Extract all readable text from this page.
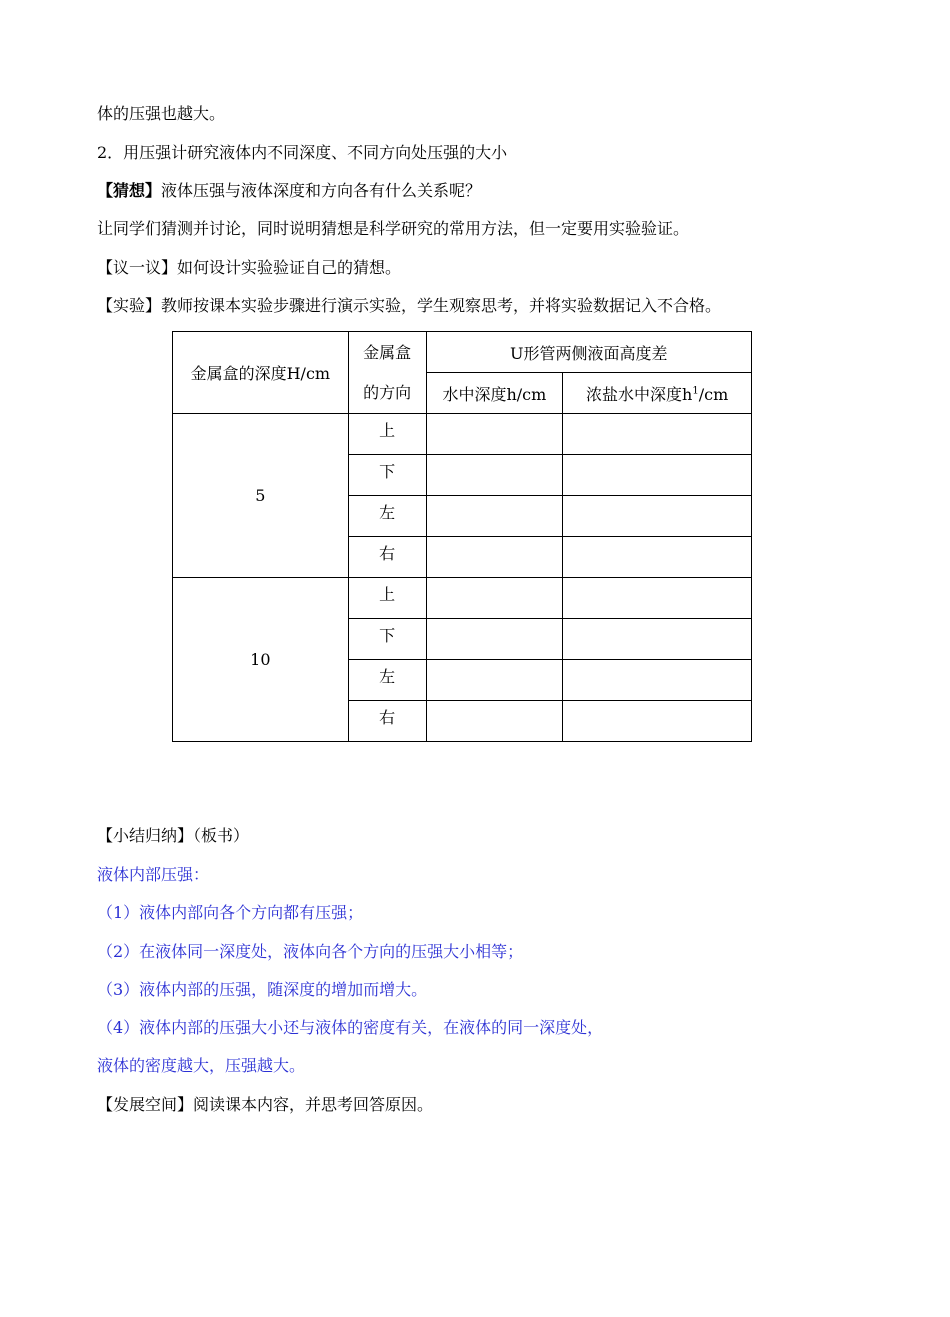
体的压强也越大。
2．用压强计研究液体内不同深度、不同方向处压强的大小
【猜想】液体压强与液体深度和方向各有什么关系呢？
让同学们猜测并讨论，同时说明猜想是科学研究的常用方法，但一定要用实验验证。
【议一议】如何设计实验验证自己的猜想。
【实验】教师按课本实验步骤进行演示实验，学生观察思考，并将实验数据记入不合格。
金属盒的深度H/cm	金属盒
的方向	U形管两侧液面高度差	
		水中深度h/cm	浓盐水中深度$h^1/cm$
5	上		
	下		
	左		
	右		
10	上		
	下		
	左		
	右		
【小结归纳】（板书）
液体内部压强：
（1）液体内部向各个方向都有压强；
（2）在液体同一深度处，液体向各个方向的压强大小相等；
（3）液体内部的压强，随深度的增加而增大。
（4）液体内部的压强大小还与液体的密度有关，在液体的同一深度处，
液体的密度越大，压强越大。
【发展空间】阅读课本内容，并思考回答原因。
